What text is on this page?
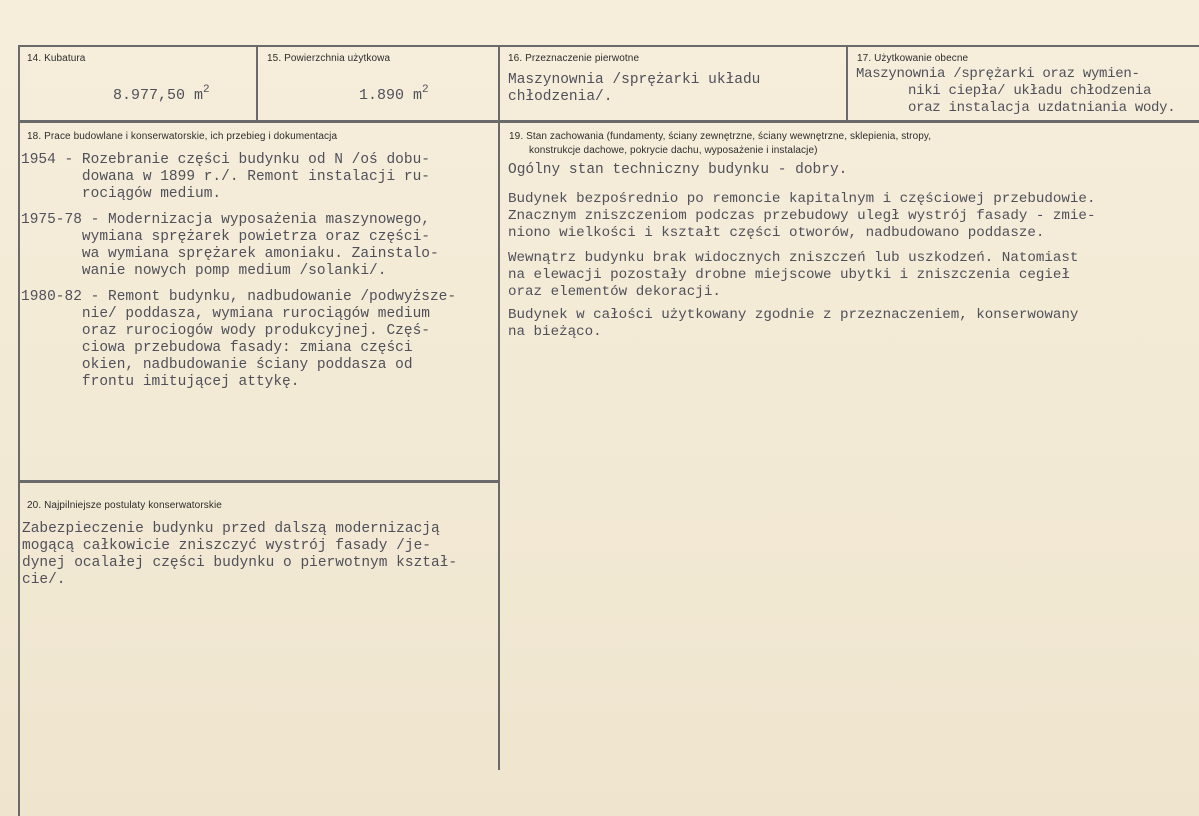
14. Kubatura
8.977,50 $m^2$
15. Powierzchnia użytkowa
1.890 $m^2$
16. Przeznaczenie pierwotne
Maszynownia /sprężarki układu
chłodzenia/.
17. Użytkowanie obecne
Maszynownia /sprężarki oraz wymien-
niki ciepła/ układu chłodzenia
oraz instalacja uzdatniania wody.
18. Prace budowlane i konserwatorskie, ich przebieg i dokumentacja
1954 - Rozebranie części budynku od N /oś dobu-
dowana w 1899 r./. Remont instalacji ru-
rociągów medium.
1975-78 - Modernizacja wyposażenia maszynowego,
wymiana sprężarek powietrza oraz części-
wa wymiana sprężarek amoniaku. Zainstalo-
wanie nowych pomp medium /solanki/.
1980-82 - Remont budynku, nadbudowanie /podwyższe-
nie/ poddasza, wymiana rurociągów medium
oraz rurociogów wody produkcyjnej. Częś-
ciowa przebudowa fasady: zmiana części
okien, nadbudowanie ściany poddasza od
frontu imitującej attykę.
19. Stan zachowania (fundamenty, ściany zewnętrzne, ściany wewnętrzne, sklepienia, stropy,
konstrukcje dachowe, pokrycie dachu, wyposażenie i instalacje)
Ogólny stan techniczny budynku - dobry.
Budynek bezpośrednio po remoncie kapitalnym i częściowej przebudowie.
Znacznym zniszczeniom podczas przebudowy uległ wystrój fasady - zmie-
niono wielkości i kształt części otworów, nadbudowano poddasze.
Wewnątrz budynku brak widocznych zniszczeń lub uszkodzeń. Natomiast
na elewacji pozostały drobne miejscowe ubytki i zniszczenia cegieł
oraz elementów dekoracji.
Budynek w całości użytkowany zgodnie z przeznaczeniem, konserwowany
na bieżąco.
20. Najpilniejsze postulaty konserwatorskie
Zabezpieczenie budynku przed dalszą modernizacją
mogącą całkowicie zniszczyć wystrój fasady /je-
dynej ocalałej części budynku o pierwotnym kształ-
cie/.
